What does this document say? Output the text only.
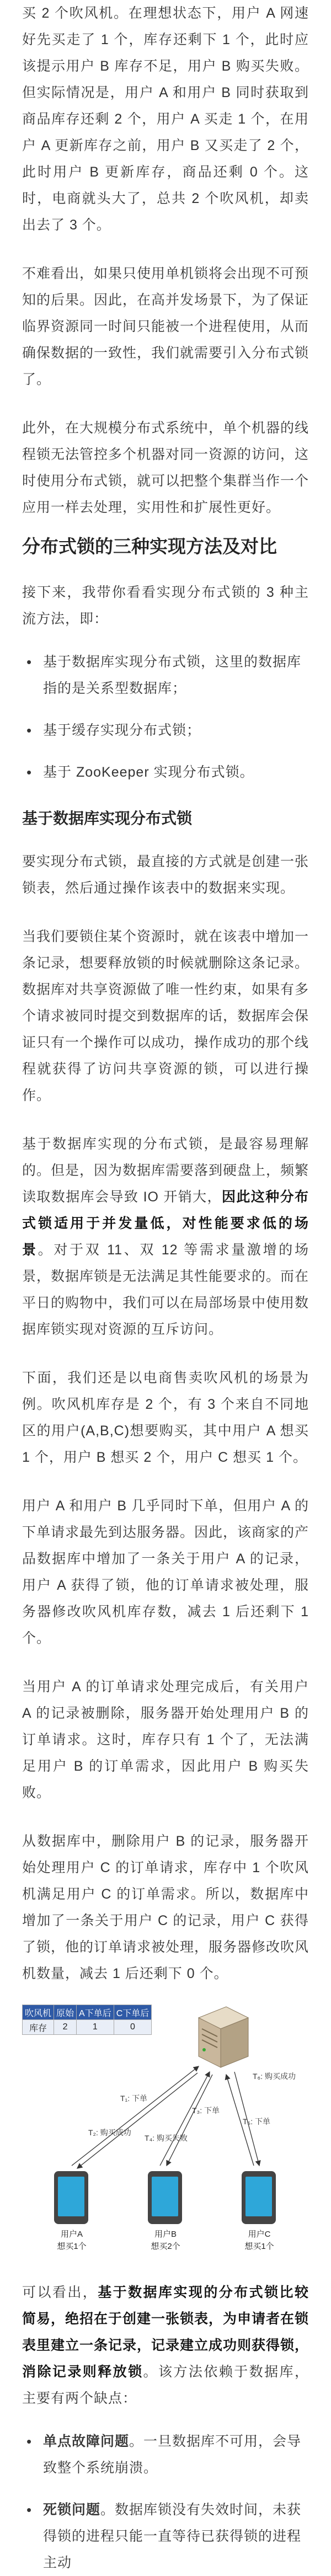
买 2 个吹风机。在理想状态下，用户 A 网速好先买走了 1 个，库存还剩下 1 个，此时应该提示用户 B 库存不足，用户 B 购买失败。但实际情况是，用户 A 和用户 B 同时获取到商品库存还剩 2 个，用户 A 买走 1 个，在用户 A 更新库存之前，用户 B 又买走了 2 个，此时用户 B 更新库存，商品还剩 0 个。这时，电商就头大了，总共 2 个吹风机，却卖出去了 3 个。

不难看出，如果只使用单机锁将会出现不可预知的后果。因此，在高并发场景下，为了保证临界资源同一时间只能被一个进程使用，从而确保数据的一致性，我们就需要引入分布式锁了。

此外，在大规模分布式系统中，单个机器的线程锁无法管控多个机器对同一资源的访问，这时使用分布式锁，就可以把整个集群当作一个应用一样去处理，实用性和扩展性更好。

分布式锁的三种实现方法及对比

接下来，我带你看看实现分布式锁的 3 种主流方法，即：

• 基于数据库实现分布式锁，这里的数据库指的是关系型数据库；
• 基于缓存实现分布式锁；
• 基于 ZooKeeper 实现分布式锁。
基于数据库实现分布式锁

要实现分布式锁，最直接的方式就是创建一张锁表，然后通过操作该表中的数据来实现。

当我们要锁住某个资源时，就在该表中增加一条记录，想要释放锁的时候就删除这条记录。数据库对共享资源做了唯一性约束，如果有多个请求被同时提交到数据库的话，数据库会保证只有一个操作可以成功，操作成功的那个线程就获得了访问共享资源的锁，可以进行操作。

基于数据库实现的分布式锁，是最容易理解的。但是，因为数据库需要落到硬盘上，频繁读取数据库会导致 IO 开销大，因此这种分布式锁适用于并发量低，对性能要求低的场景。对于双 11、双 12 等需求量激增的场景，数据库锁是无法满足其性能要求的。而在平日的购物中，我们可以在局部场景中使用数据库锁实现对资源的互斥访问。

下面，我们还是以电商售卖吹风机的场景为例。吹风机库存是 2 个，有 3 个来自不同地区的用户(A,B,C)想要购买，其中用户 A 想买 1 个，用户 B 想买 2 个，用户 C 想买 1 个。

用户 A 和用户 B 几乎同时下单，但用户 A 的下单请求最先到达服务器。因此，该商家的产品数据库中增加了一条关于用户 A 的记录，用户 A 获得了锁，他的订单请求被处理，服务器修改吹风机库存数，减去 1 后还剩下 1 个。

当用户 A 的订单请求处理完成后，有关用户 A 的记录被删除，服务器开始处理用户 B 的订单请求。这时，库存只有 1 个了，无法满足用户 B 的订单需求，因此用户 B 购买失败。

从数据库中，删除用户 B 的记录，服务器开始处理用户 C 的订单请求，库存中 1 个吹风机满足用户 C 的订单需求。所以，数据库中增加了一条关于用户 C 的记录，用户 C 获得了锁，他的订单请求被处理，服务器修改吹风机数量，减去 1 后还剩下 0 个。

吹风机	原始	A下单后	C下单后
库存	2	1	0
T₁: 下单
T₂: 购买成功
T₃: 下单
T₄: 购买失败
T₅: 下单
T₆: 购买成功
用户A
想买1个
用户B
想买2个
用户C
想买1个

可以看出，基于数据库实现的分布式锁比较简易，绝招在于创建一张锁表，为申请者在锁表里建立一条记录，记录建立成功则获得锁，消除记录则释放锁。该方法依赖于数据库，主要有两个缺点：

• 单点故障问题。一旦数据库不可用，会导致整个系统崩溃。
• 死锁问题。数据库锁没有失效时间，未获得锁的进程只能一直等待已获得锁的进程主动
